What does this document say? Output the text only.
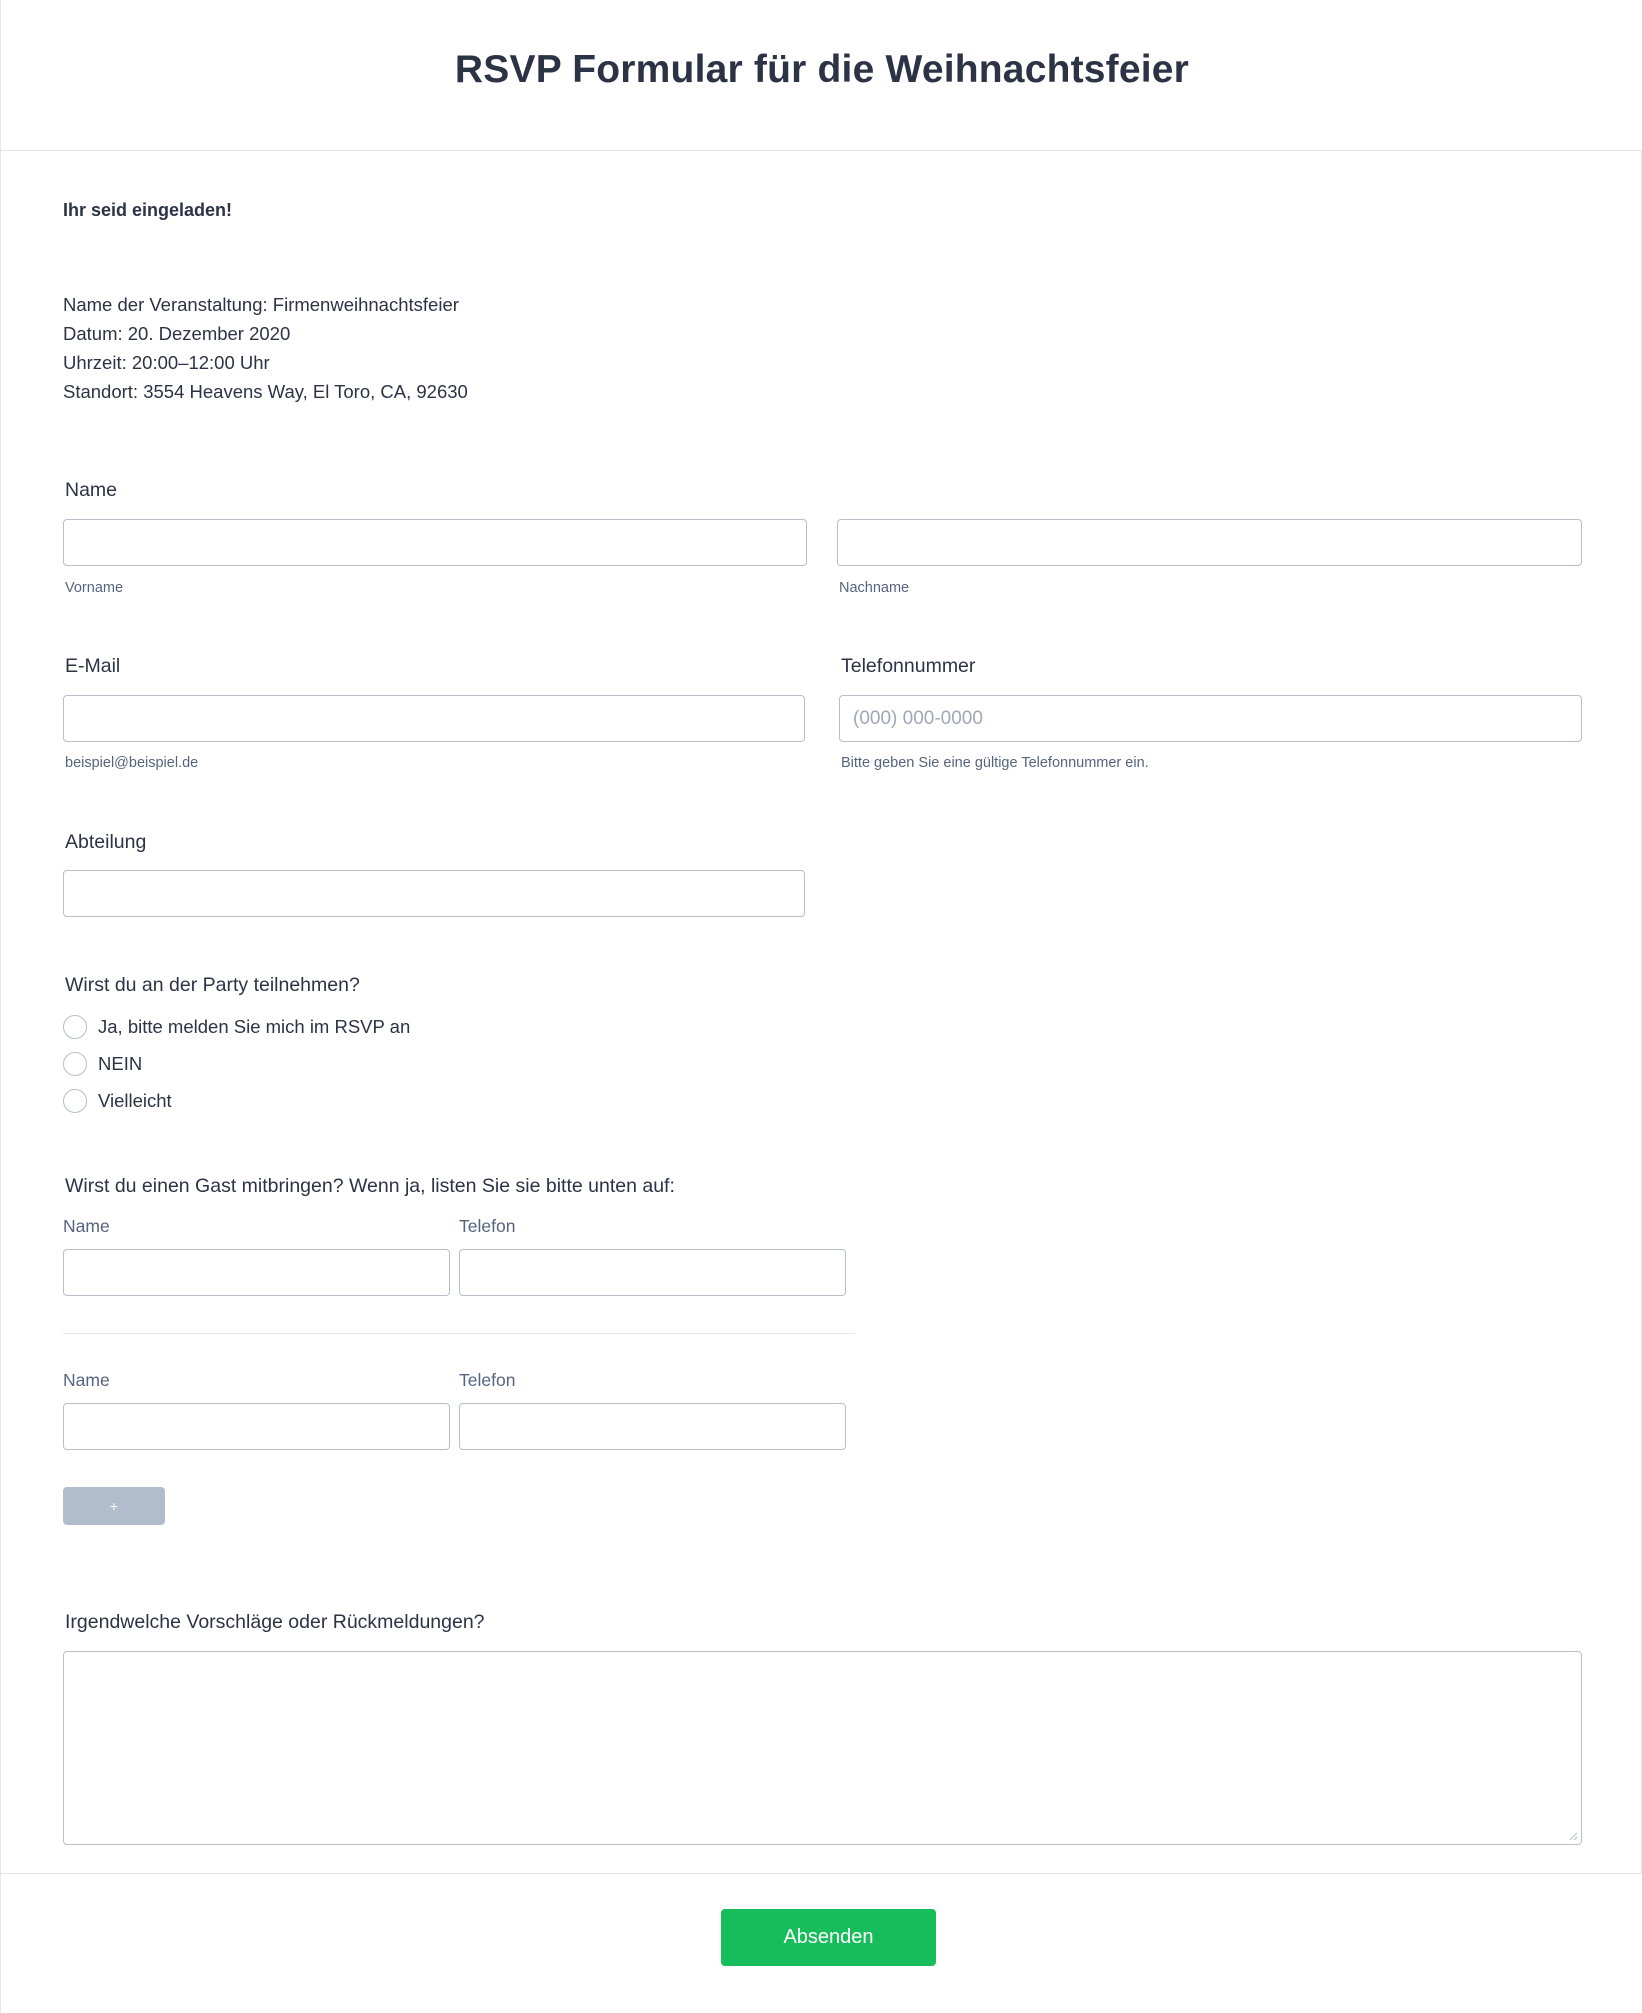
RSVP Formular für die Weihnachtsfeier
Ihr seid eingeladen!
Name der Veranstaltung: Firmenweihnachtsfeier
Datum: 20. Dezember 2020
Uhrzeit: 20:00–12:00 Uhr
Standort: 3554 Heavens Way, El Toro, CA, 92630
Name
Vorname	Nachname
E-Mail
beispiel@beispiel.de
Telefonnummer
(000) 000-0000
Bitte geben Sie eine gültige Telefonnummer ein.
Abteilung
Wirst du an der Party teilnehmen?
Ja, bitte melden Sie mich im RSVP an
NEIN
Vielleicht
Wirst du einen Gast mitbringen? Wenn ja, listen Sie sie bitte unten auf:
Name	Telefon
Name	Telefon
+
Irgendwelche Vorschläge oder Rückmeldungen?
Absenden
